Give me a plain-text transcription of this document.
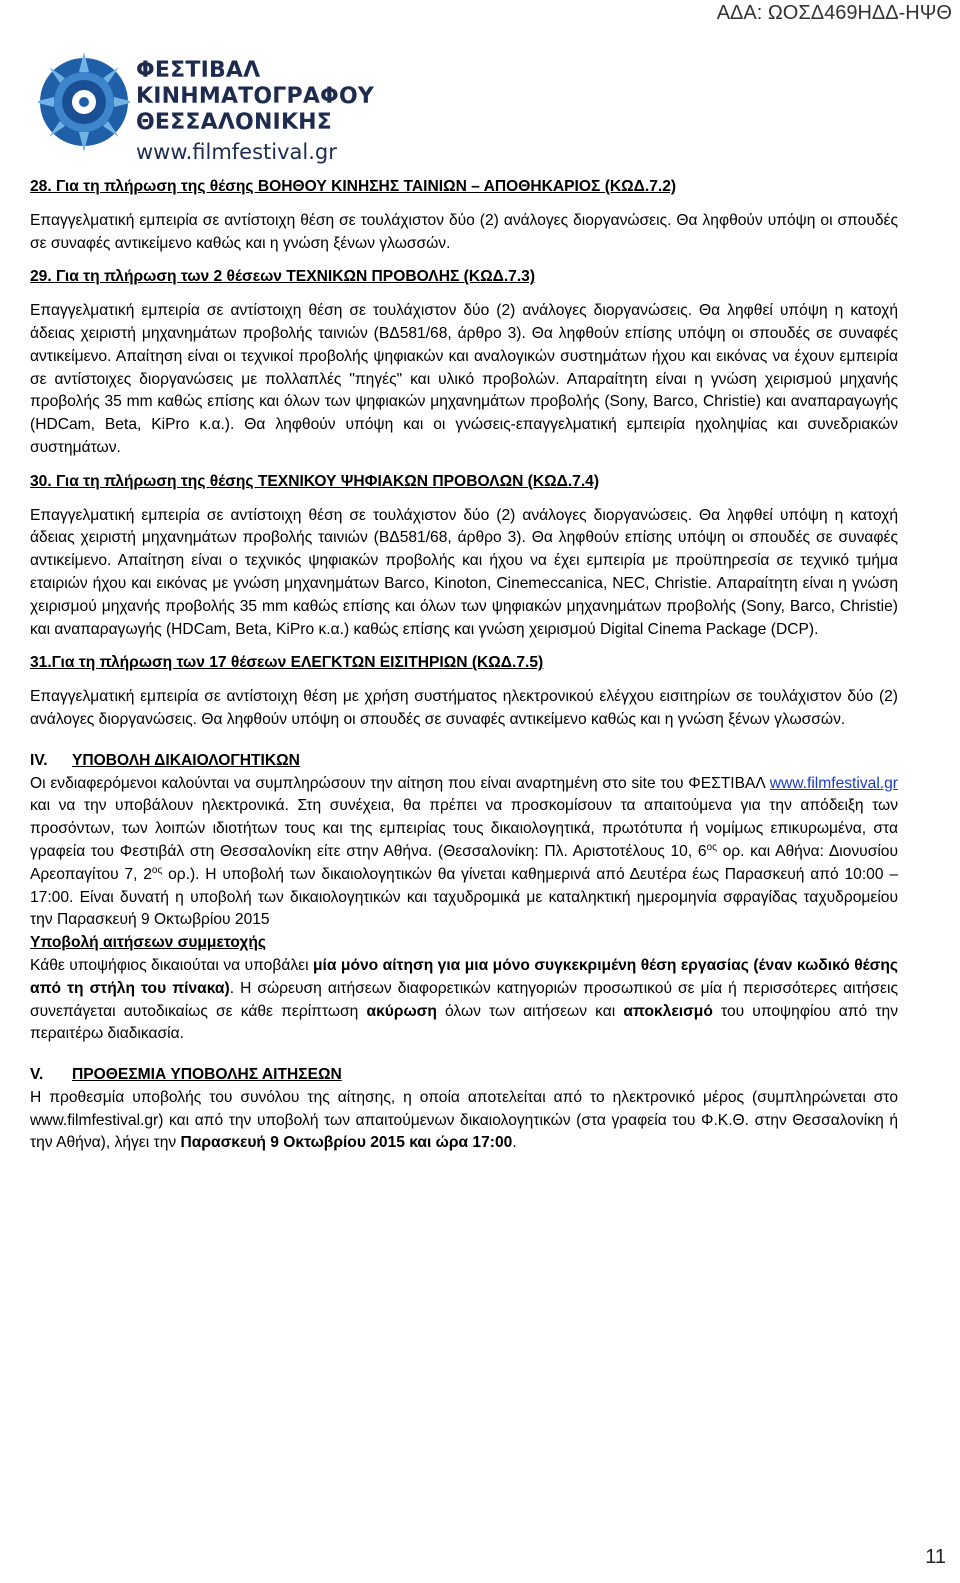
ΑΔΑ: ΩΟΣΔ469ΗΔΔ-ΗΨΘ
ΦΕΣΤΙΒΑΛ
ΚΙΝΗΜΑΤΟΓΡΑΦΟΥ
ΘΕΣΣΑΛΟΝΙΚΗΣ
www.filmfestival.gr

28. Για τη πλήρωση της θέσης ΒΟΗΘΟΥ ΚΙΝΗΣΗΣ ΤΑΙΝΙΩΝ – ΑΠΟΘΗΚΑΡΙΟΣ (ΚΩΔ.7.2)

Επαγγελματική εμπειρία σε αντίστοιχη θέση σε τουλάχιστον δύο (2) ανάλογες διοργανώσεις. Θα ληφθούν υπόψη οι σπουδές σε συναφές αντικείμενο καθώς και η γνώση ξένων γλωσσών.

29. Για τη πλήρωση των 2 θέσεων ΤΕΧΝΙΚΩΝ ΠΡΟΒΟΛΗΣ (ΚΩΔ.7.3)

Επαγγελματική εμπειρία σε αντίστοιχη θέση σε τουλάχιστον δύο (2) ανάλογες διοργανώσεις. Θα ληφθεί υπόψη η κατοχή άδειας χειριστή μηχανημάτων προβολής ταινιών (ΒΔ581/68, άρθρο 3). Θα ληφθούν επίσης υπόψη οι σπουδές σε συναφές αντικείμενο. Απαίτηση είναι οι τεχνικοί προβολής ψηφιακών και αναλογικών συστημάτων ήχου και εικόνας να έχουν εμπειρία σε αντίστοιχες διοργανώσεις με πολλαπλές "πηγές" και υλικό προβολών. Απαραίτητη είναι η γνώση χειρισμού μηχανής προβολής 35 mm καθώς επίσης και όλων των ψηφιακών μηχανημάτων προβολής (Sony, Barco, Christie) και αναπαραγωγής (HDCam, Beta, KiPro κ.α.). Θα ληφθούν υπόψη και οι γνώσεις-επαγγελματική εμπειρία ηχοληψίας και συνεδριακών συστημάτων.

30. Για τη πλήρωση της θέσης ΤΕΧΝΙΚΟΥ ΨΗΦΙΑΚΩΝ ΠΡΟΒΟΛΩΝ (ΚΩΔ.7.4)

Επαγγελματική εμπειρία σε αντίστοιχη θέση σε τουλάχιστον δύο (2) ανάλογες διοργανώσεις. Θα ληφθεί υπόψη η κατοχή άδειας χειριστή μηχανημάτων προβολής ταινιών (ΒΔ581/68, άρθρο 3). Θα ληφθούν επίσης υπόψη οι σπουδές σε συναφές αντικείμενο. Απαίτηση είναι ο τεχνικός ψηφιακών προβολής και ήχου να έχει εμπειρία με προϋπηρεσία σε τεχνικό τμήμα εταιριών ήχου και εικόνας με γνώση μηχανημάτων Barco, Kinoton, Cinemeccanica, NEC, Christie. Απαραίτητη είναι η γνώση χειρισμού μηχανής προβολής 35 mm καθώς επίσης και όλων των ψηφιακών μηχανημάτων προβολής (Sony, Barco, Christie) και αναπαραγωγής (HDCam, Beta, KiPro κ.α.) καθώς επίσης και γνώση χειρισμού Digital Cinema Package (DCP).

31.Για τη πλήρωση των 17 θέσεων ΕΛΕΓΚΤΩΝ ΕΙΣΙΤΗΡΙΩΝ (ΚΩΔ.7.5)

Επαγγελματική εμπειρία σε αντίστοιχη θέση με χρήση συστήματος ηλεκτρονικού ελέγχου εισιτηρίων σε τουλάχιστον δύο (2) ανάλογες διοργανώσεις. Θα ληφθούν υπόψη οι σπουδές σε συναφές αντικείμενο καθώς και η γνώση ξένων γλωσσών.

IV. ΥΠΟΒΟΛΗ ΔΙΚΑΙΟΛΟΓΗΤΙΚΩΝ

Οι ενδιαφερόμενοι καλούνται να συμπληρώσουν την αίτηση που είναι αναρτημένη στο site του ΦΕΣΤΙΒΑΛ www.filmfestival.gr και να την υποβάλουν ηλεκτρονικά. Στη συνέχεια, θα πρέπει να προσκομίσουν τα απαιτούμενα για την απόδειξη των προσόντων, των λοιπών ιδιοτήτων τους και της εμπειρίας τους δικαιολογητικά, πρωτότυπα ή νομίμως επικυρωμένα, στα γραφεία του Φεστιβάλ στη Θεσσαλονίκη είτε στην Αθήνα. (Θεσσαλονίκη: Πλ. Αριστοτέλους 10, $6^{o\varsigma}$ ορ. και Αθήνα: Διονυσίου Αρεοπαγίτου 7, $2^{o\varsigma}$ ορ.). Η υποβολή των δικαιολογητικών θα γίνεται καθημερινά από Δευτέρα έως Παρασκευή από 10:00 – 17:00. Είναι δυνατή η υποβολή των δικαιολογητικών και ταχυδρομικά με καταληκτική ημερομηνία σφραγίδας ταχυδρομείου την Παρασκευή 9 Οκτωβρίου 2015

Υποβολή αιτήσεων συμμετοχής

Κάθε υποψήφιος δικαιούται να υποβάλει μία μόνο αίτηση για μια μόνο συγκεκριμένη θέση εργασίας (έναν κωδικό θέσης από τη στήλη του πίνακα). Η σώρευση αιτήσεων διαφορετικών κατηγοριών προσωπικού σε μία ή περισσότερες αιτήσεις συνεπάγεται αυτοδικαίως σε κάθε περίπτωση ακύρωση όλων των αιτήσεων και αποκλεισμό του υποψηφίου από την περαιτέρω διαδικασία.

V. ΠΡΟΘΕΣΜΙΑ ΥΠΟΒΟΛΗΣ ΑΙΤΗΣΕΩΝ

Η προθεσμία υποβολής του συνόλου της αίτησης, η οποία αποτελείται από το ηλεκτρονικό μέρος (συμπληρώνεται στο www.filmfestival.gr) και από την υποβολή των απαιτούμενων δικαιολογητικών (στα γραφεία του Φ.Κ.Θ. στην Θεσσαλονίκη ή την Αθήνα), λήγει την Παρασκευή 9 Οκτωβρίου 2015 και ώρα 17:00.

11
